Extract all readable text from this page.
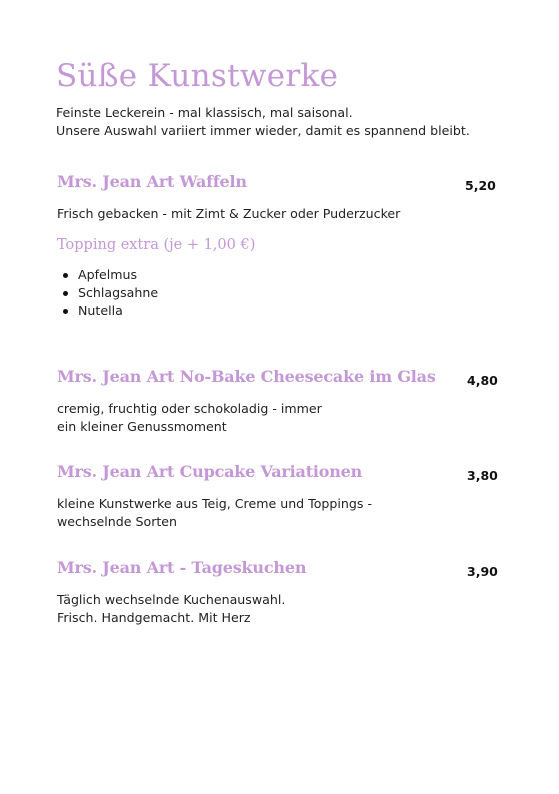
Süße Kunstwerke
Feinste Leckerein - mal klassisch, mal saisonal.
Unsere Auswahl variiert immer wieder, damit es spannend bleibt.
Mrs. Jean Art Waffeln	5,20
Frisch gebacken - mit Zimt & Zucker oder Puderzucker
Topping extra (je + 1,00 €)
Apfelmus
Schlagsahne
Nutella
Mrs. Jean Art No-Bake Cheesecake im Glas	4,80
cremig, fruchtig oder schokoladig - immer
ein kleiner Genussmoment
Mrs. Jean Art Cupcake Variationen	3,80
kleine Kunstwerke aus Teig, Creme und Toppings -
wechselnde Sorten
Mrs. Jean Art - Tageskuchen	3,90
Täglich wechselnde Kuchenauswahl.
Frisch. Handgemacht. Mit Herz
